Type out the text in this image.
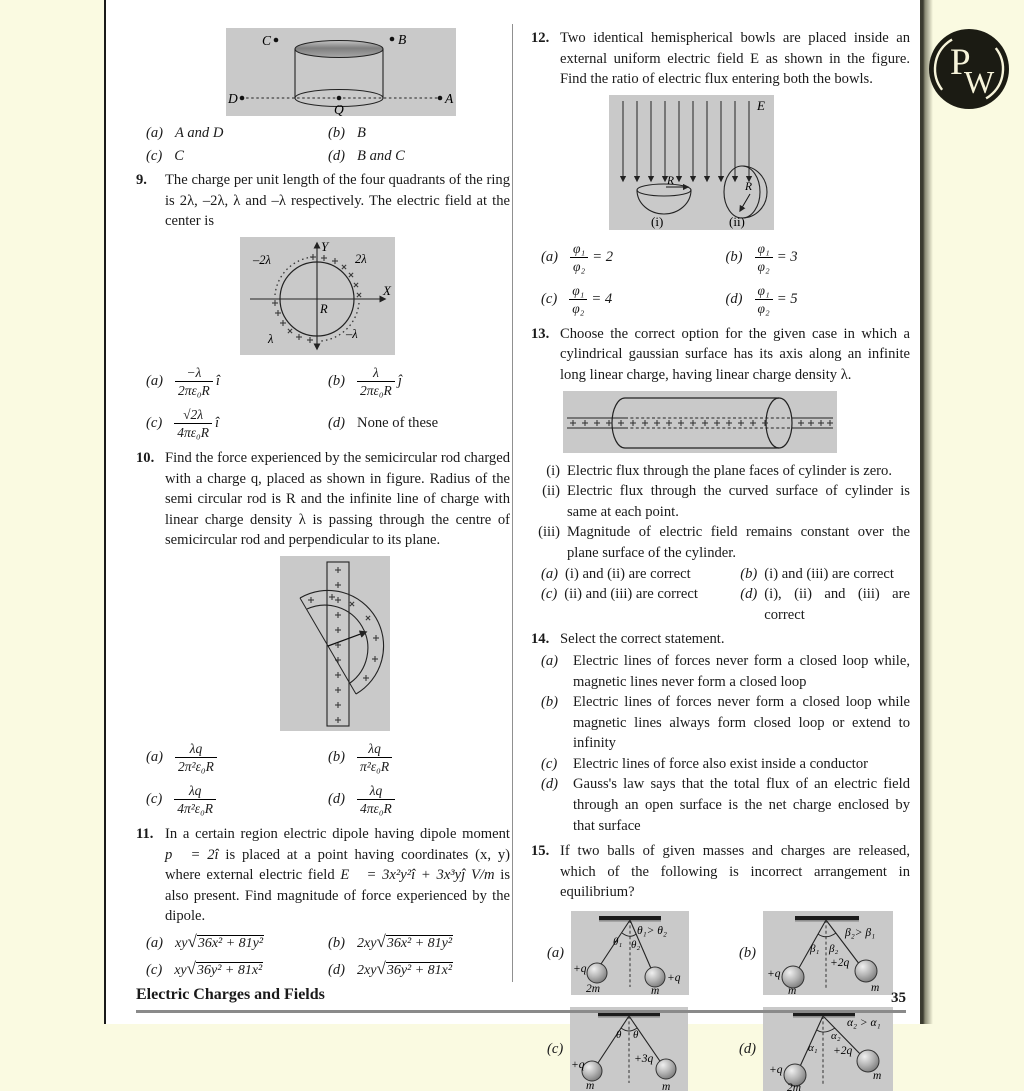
C	B
D	A
Q
(a) A and D	(b) B
(c) C	(d) B and C
9.	The charge per unit length of the four quadrants of the ring is 2λ, –2λ, λ and –λ respectively. The electric field at the center is
Y
X
R
–2λ	2λ
λ	–λ
$(a) \frac{-\lambda}{\text{2πε₀R}}$ î	$(b) \frac{\lambda}{\text{2πε₀R}}$ ĵ
$(c) \frac{√2\lambda}{\text{4πε₀R}}$ î	(d) None of these
10. Find the force experienced by the semicircular rod charged with a charge q, placed as shown in figure. Radius of the semi circular rod is R and the infinite line of charge with linear charge density λ is passing through the centre of semicircular rod and perpendicular to its plane.
$(a) \frac{\lambda q}{\text{2π²ε₀R}}$	$(b) \frac{\lambda q}{\text{π²ε₀R}}$
$(c) \frac{\lambda q}{\text{4π²ε₀R}}$	$(d) \frac{\lambda q}{\text{4πε₀R}}$
11. In a certain region electric dipole having dipole moment p⃗ = 2î is placed at a point having coordinates (x, y) where external electric field E⃗ = 3x²y²î + 3x³yĵ V/m is also present. Find magnitude of force experienced by the dipole.
(a) xy√36x² + 81y²	(b) 2xy√36x² + 81y²
(c) xy√36y² + 81x²	(d) 2xy√36y² + 81x²
12. Two identical hemispherical bowls are placed inside an external uniform electric field E as shown in the figure. Find the ratio of electric flux entering both the bowls.
E
R	R
(i)	(ii)
$(a) \frac{\text{φ₁}}{\text{φ₂}} = 2$	$(b) \frac{\text{φ₁}}{\text{φ₂}} = 3$
$(c) \frac{\text{φ₁}}{\text{φ₂}} = 4$	$(d) \frac{\text{φ₁}}{\text{φ₂}} = 5$
13. Choose the correct option for the given case in which a cylindrical gaussian surface has its axis along an infinite long linear charge, having linear charge density λ.
(i) Electric flux through the plane faces of cylinder is zero.
(ii) Electric flux through the curved surface of cylinder is same at each point.
(iii) Magnitude of electric field remains constant over the plane surface of the cylinder.
(a) (i) and (ii) are correct	(b) (i) and (iii) are correct
(c) (ii) and (iii) are correct	(d) (i), (ii) and (iii) are correct
14. Select the correct statement.
(a)	Electric lines of forces never form a closed loop while, magnetic lines never form a closed loop
(b)	Electric lines of forces never form a closed loop while magnetic lines always form closed loop or extend to infinity
(c)	Electric lines of force also exist inside a conductor
(d)	Gauss's law says that the total flux of an electric field through an open surface is the net charge enclosed by that surface
15. If two balls of given masses and charges are released, which of the following is incorrect arrangement in equilibrium?
(a)
θ₁> θ₂
θ₁ θ₂
+q
2m
+q
m
(b)
β₂> β₁
β₁ β₂
+q
m
+2q
m
(c)
θ θ
+q
m
+3q
m
(d)
α₂ > α₁
α₂
α₁
+q
2m
+2q
m
Electric Charges and Fields	35
P
W
